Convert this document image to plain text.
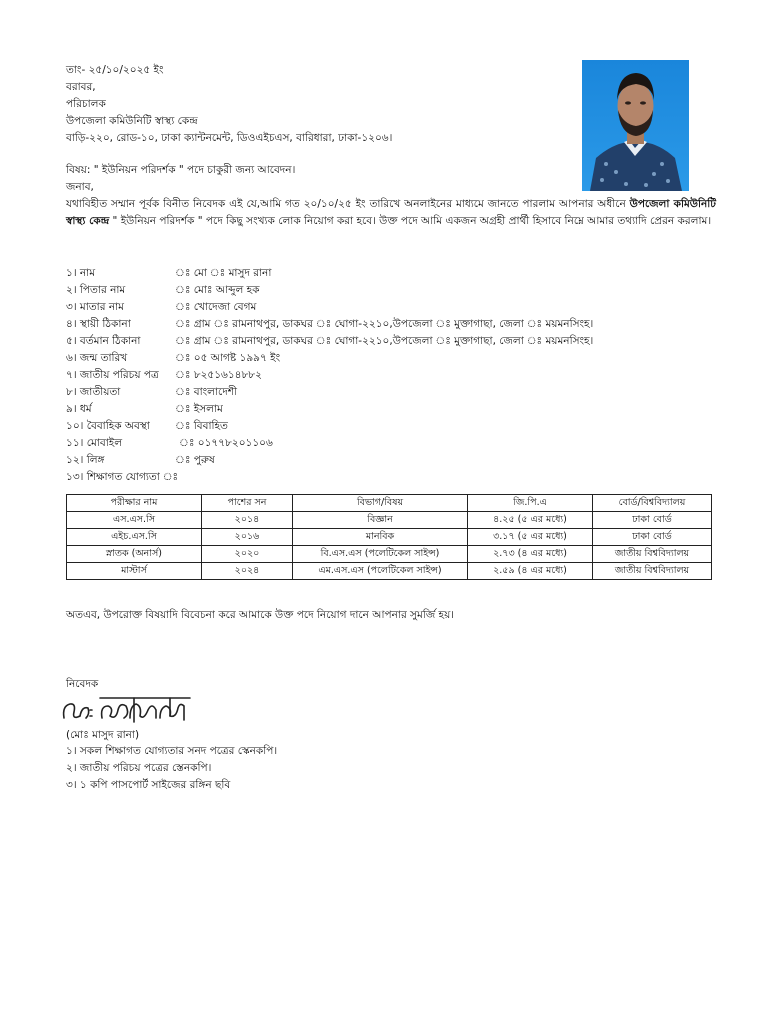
তাং- ২৫/১০/২০২৫ ইং
বরাবর,
পরিচালক
উপজেলা কমিউনিটি স্বাস্থ্য কেন্দ্র
বাড়ি-২২০, রোড-১০, ঢাকা ক্যান্টনমেন্ট, ডিওএইচএস, বারিধারা, ঢাকা-১২০৬।
বিষয়: " ইউনিয়ন পরিদর্শক " পদে চাকুরী জন্য আবেদন।
জনাব,
যথাবিহীত সম্মান পূর্বক বিনীত নিবেদক এই যে,আমি গত ২০/১০/২৫ ইং তারিখে অনলাইনের মাধ্যমে জানতে পারলাম আপনার অধীনে উপজেলা কমিউনিটি স্বাস্থ্য কেন্দ্র " ইউনিয়ন পরিদর্শক " পদে কিছু সংখ্যক লোক নিয়োগ করা হবে। উক্ত পদে আমি একজন অগ্রহী প্রার্থী হিসাবে নিম্নে আমার তথ্যাদি প্রেরন করলাম।
১। নাম	ঃ মো ঃ মাসুদ রানা
২। পিতার নাম	ঃ মোঃ আব্দুল হক
৩। মাতার নাম	ঃ খোদেজা বেগম
৪। স্থায়ী ঠিকানা	ঃ গ্রাম ঃ রামনাথপুর, ডাকঘর ঃ ঘোগা-২২১০,উপজেলা ঃ মুক্তাগাছা, জেলা ঃ ময়মনসিংহ।
৫। বর্তমান ঠিকানা	ঃ গ্রাম ঃ রামনাথপুর, ডাকঘর ঃ ঘোগা-২২১০,উপজেলা ঃ মুক্তাগাছা, জেলা ঃ ময়মনসিংহ।
৬। জন্ম তারিখ	ঃ ০৫ আগষ্ট ১৯৯৭ ইং
৭। জাতীয় পরিচয় পত্র ঃ ৮২৫১৬১৪৮৮২
৮। জাতীয়তা	ঃ বাংলাদেশী
৯। ধর্ম	ঃ ইসলাম
১০। বৈবাহিক অবস্থা ঃ বিবাহিত
১১। মোবাইল	ঃ ০১৭৭৮২০১১০৬
১২। লিঙ্গ	ঃ পুরুষ
১৩। শিক্ষাগত যোগ্যতা ঃ
পরীক্ষার নাম	পাশের সন	বিভাগ/বিষয়	জি.পি.এ	বোর্ড/বিশ্ববিদ্যালয়
এস.এস.সি	২০১৪	বিজ্ঞান	৪.২৫ (৫ এর মধ্যে)	ঢাকা বোর্ড
এইচ.এস.সি	২০১৬	মানবিক	৩.১৭ (৫ এর মধ্যে)	ঢাকা বোর্ড
স্নাতক (অনার্স)	২০২০	বি.এস.এস (পলেটিকেল সাইন্স)	২.৭৩ (৪ এর মধ্যে)	জাতীয় বিশ্ববিদ্যালয়
মাস্টার্স	২০২৪	এম.এস.এস (পলেটিকেল সাইন্স)	২.৫৯ (৪ এর মধ্যে)	জাতীয় বিশ্ববিদ্যালয়
অতএব, উপরোক্ত বিষয়াদি বিবেচনা করে আমাকে উক্ত পদে নিয়োগ দানে আপনার সুমর্জি হয়।
নিবেদক
(মোঃ মাসুদ রানা)
১। সকল শিক্ষাগত যোগ্যতার সনদ পত্রের স্কেনকপি।
২। জাতীয় পরিচয় পত্রের স্তেনকপি।
৩। ১ কপি পাসপোর্ট সাইজের রঙ্গিন ছবি
